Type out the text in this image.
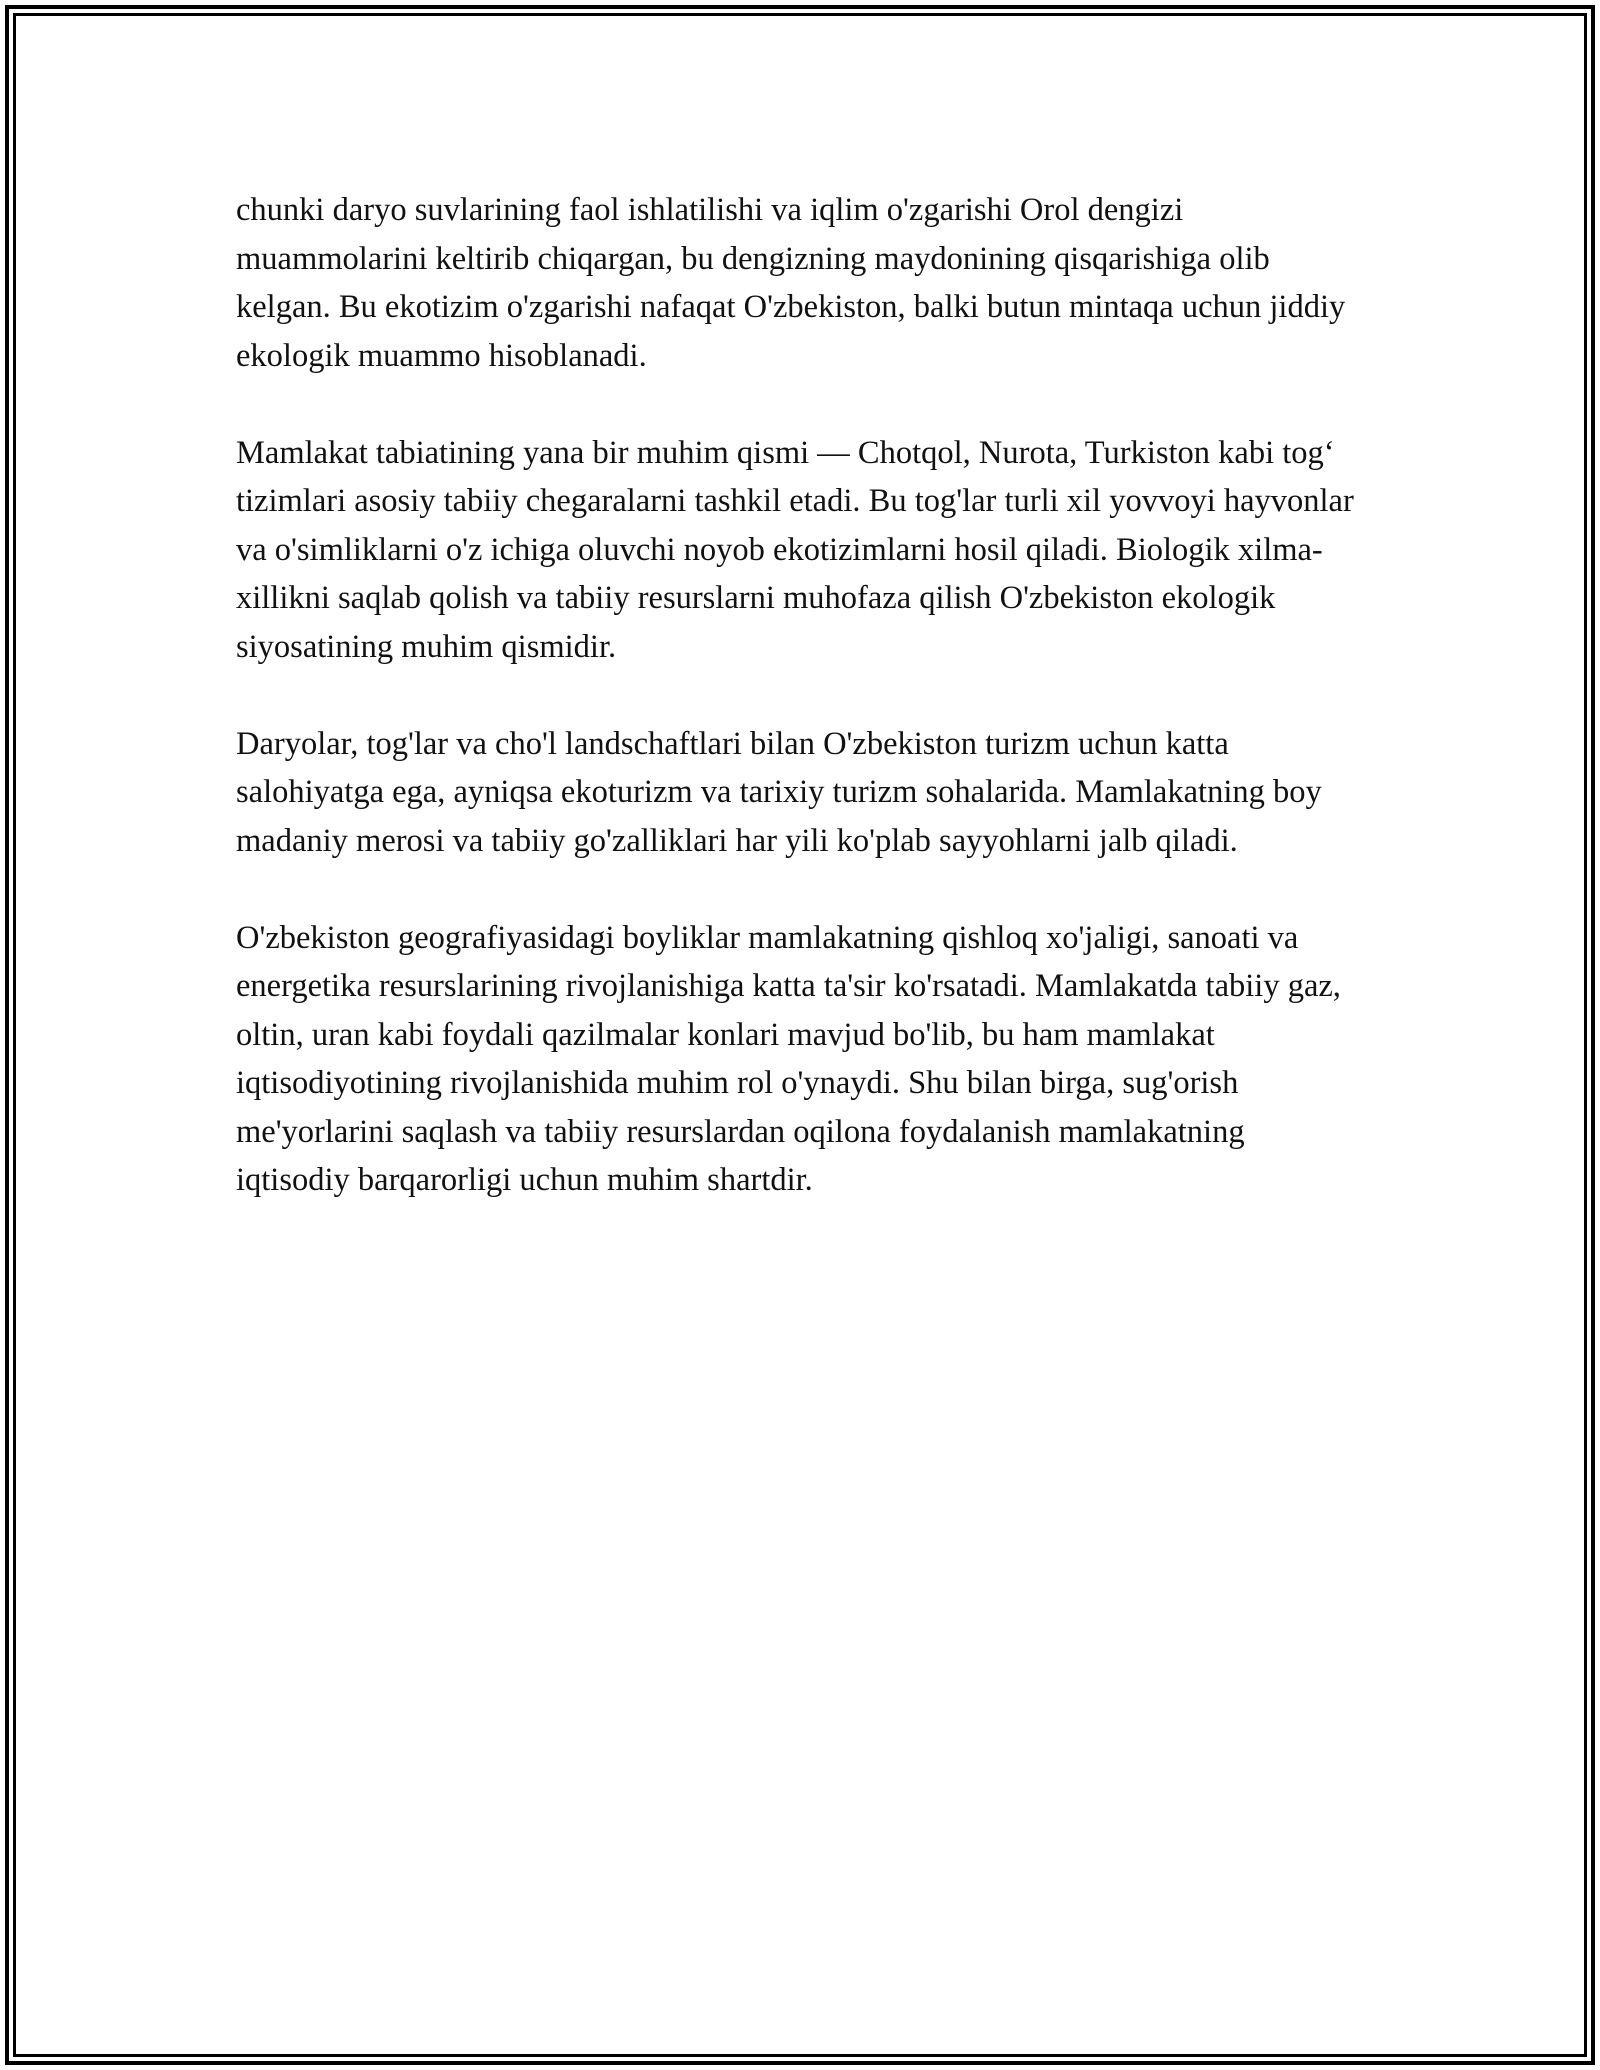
chunki daryo suvlarining faol ishlatilishi va iqlim o'zgarishi Orol dengizi muammolarini keltirib chiqargan, bu dengizning maydonining qisqarishiga olib kelgan. Bu ekotizim o'zgarishi nafaqat O'zbekiston, balki butun mintaqa uchun jiddiy ekologik muammo hisoblanadi.

Mamlakat tabiatining yana bir muhim qismi — Chotqol, Nurota, Turkiston kabi tog‘ tizimlari asosiy tabiiy chegaralarni tashkil etadi. Bu tog'lar turli xil yovvoyi hayvonlar va o'simliklarni o'z ichiga oluvchi noyob ekotizimlarni hosil qiladi. Biologik xilma-xillikni saqlab qolish va tabiiy resurslarni muhofaza qilish O'zbekiston ekologik siyosatining muhim qismidir.

Daryolar, tog'lar va cho'l landschaftlari bilan O'zbekiston turizm uchun katta salohiyatga ega, ayniqsa ekoturizm va tarixiy turizm sohalarida. Mamlakatning boy madaniy merosi va tabiiy go'zalliklari har yili ko'plab sayyohlarni jalb qiladi.

O'zbekiston geografiyasidagi boyliklar mamlakatning qishloq xo'jaligi, sanoati va energetika resurslarining rivojlanishiga katta ta'sir ko'rsatadi. Mamlakatda tabiiy gaz, oltin, uran kabi foydali qazilmalar konlari mavjud bo'lib, bu ham mamlakat iqtisodiyotining rivojlanishida muhim rol o'ynaydi. Shu bilan birga, sug'orish me'yorlarini saqlash va tabiiy resurslardan oqilona foydalanish mamlakatning iqtisodiy barqarorligi uchun muhim shartdir.
